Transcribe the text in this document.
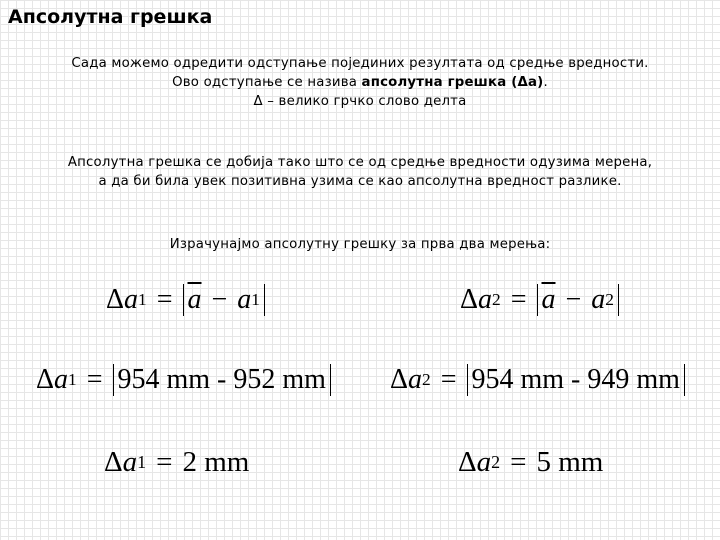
Апсолутна грешка
Сада можемо одредити одступање појединих резултата од средње вредности.
Ово одступање се назива апсолутна грешка (Δа).
Δ – велико грчко слово делта
Апсолутна грешка се добија тако што се од средње вредности одузима мерена,
а да би била увек позитивна узима се као апсолутна вредност разлике.
Израчунајмо апсолутну грешку за прва два мерења:
Δ a $1 = \overline{a} - a$ 1	Δ a $2 = \overline{a} - a$ 2
Δ a 1 = 954 mm - 952 mm Δ a 2 = 954 mm - 949 mm
Δ a 1 = 2 mm	Δ a 2 = 5 mm
